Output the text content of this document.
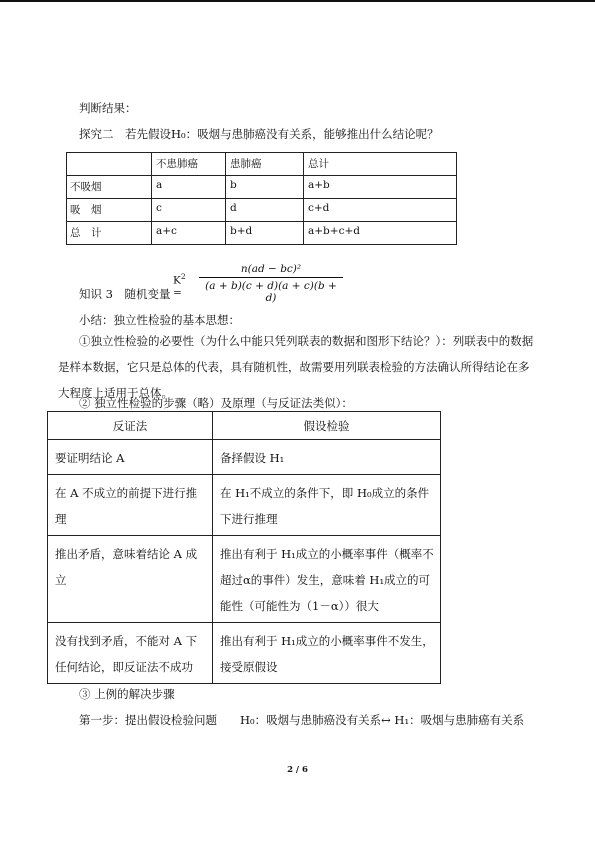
判断结果：
探究二　若先假设H₀：吸烟与患肺癌没有关系，能够推出什么结论呢？
	不患肺癌	患肺癌	总计
不吸烟	a	b	a+b
吸　烟	c	d	c+d
总　计	a+c	b+d	a+b+c+d
$K^2$ =	$\frac{\text{n(ad − bc)²}}{(a + b)(c + d)(a + c)(b + d)}$
知识 3　随机变量
小结：独立性检验的基本思想：
①独立性检验的必要性（为什么中能只凭列联表的数据和图形下结论？）：列联表中的数据是样本数据，它只是总体的代表，具有随机性，故需要用列联表检验的方法确认所得结论在多大程度上适用于总体。
② 独立性检验的步骤（略）及原理（与反证法类似）：
反证法	假设检验
要证明结论 A	备择假设 H₁
在 A 不成立的前提下进行推理	在 H₁不成立的条件下，即 H₀成立的条件下进行推理
推出矛盾，意味着结论 A 成立	推出有利于 H₁成立的小概率事件（概率不超过α的事件）发生，意味着 H₁成立的可能性（可能性为（1－α））很大
没有找到矛盾，不能对 A 下任何结论，即反证法不成功	推出有利于 H₁成立的小概率事件不发生，接受原假设
③ 上例的解决步骤
第一步：提出假设检验问题　　H₀：吸烟与患肺癌没有关系↔ H₁：吸烟与患肺癌有关系
2 / 6
